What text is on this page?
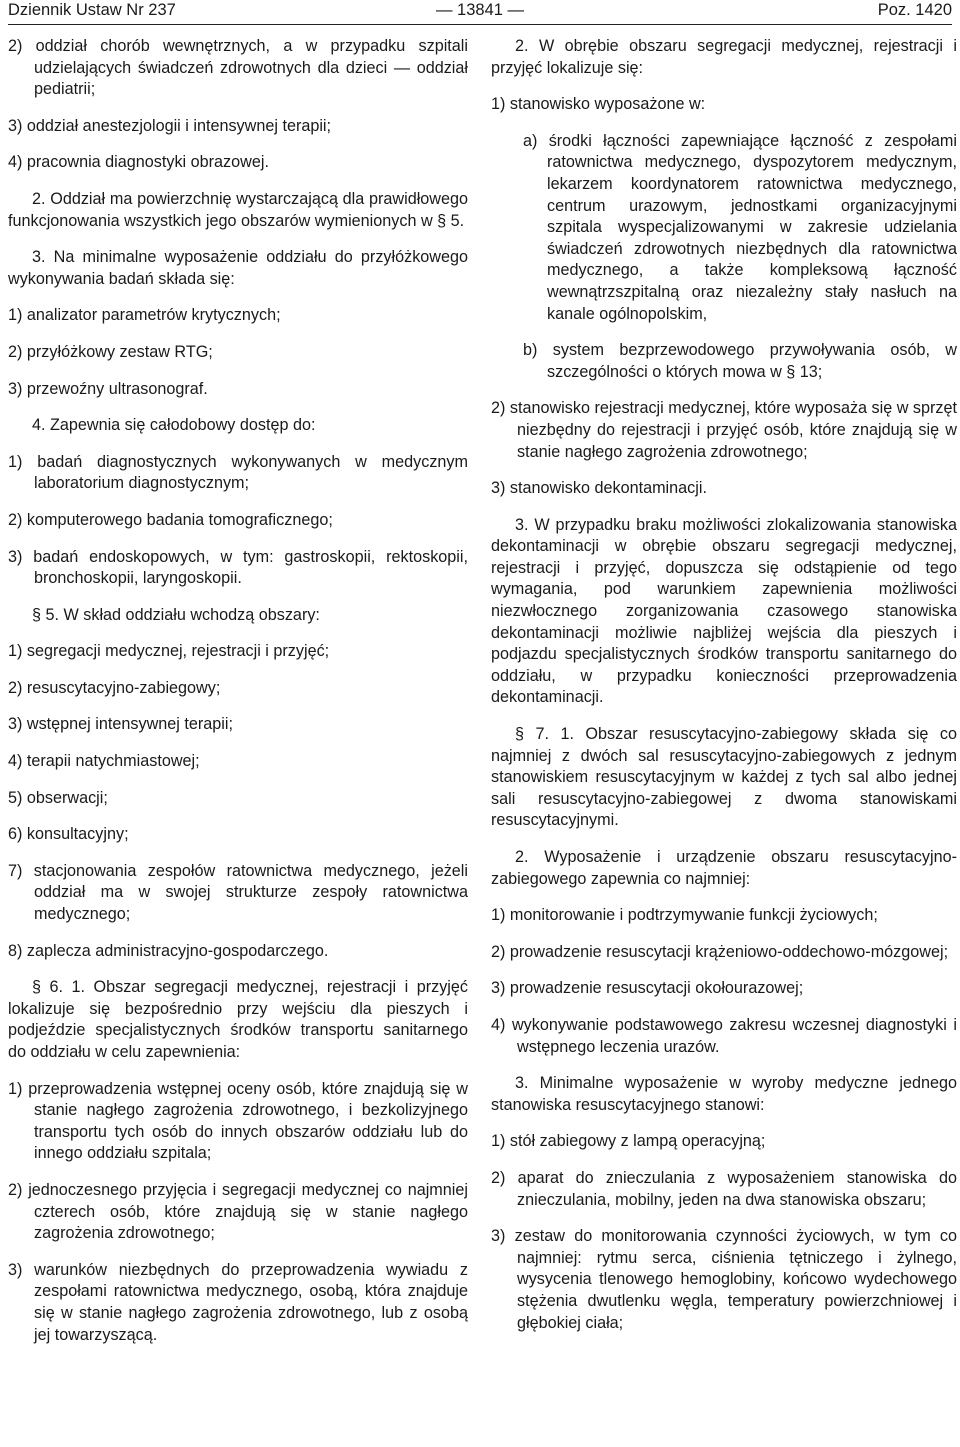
Dziennik Ustaw Nr 237	— 13841 —	Poz. 1420

2) oddział chorób wewnętrznych, a w przypadku szpitali udzielających świadczeń zdrowotnych dla dzieci — oddział pediatrii;

3) oddział anestezjologii i intensywnej terapii;

4) pracownia diagnostyki obrazowej.

2. Oddział ma powierzchnię wystarczającą dla prawidłowego funkcjonowania wszystkich jego obszarów wymienionych w § 5.

3. Na minimalne wyposażenie oddziału do przyłóżkowego wykonywania badań składa się:

1) analizator parametrów krytycznych;

2) przyłóżkowy zestaw RTG;

3) przewoźny ultrasonograf.

4. Zapewnia się całodobowy dostęp do:

1) badań diagnostycznych wykonywanych w medycznym laboratorium diagnostycznym;

2) komputerowego badania tomograficznego;

3) badań endoskopowych, w tym: gastroskopii, rektoskopii, bronchoskopii, laryngoskopii.

§ 5. W skład oddziału wchodzą obszary:

1) segregacji medycznej, rejestracji i przyjęć;

2) resuscytacyjno-zabiegowy;

3) wstępnej intensywnej terapii;

4) terapii natychmiastowej;

5) obserwacji;

6) konsultacyjny;

7) stacjonowania zespołów ratownictwa medycznego, jeżeli oddział ma w swojej strukturze zespoły ratownictwa medycznego;

8) zaplecza administracyjno-gospodarczego.

§ 6. 1. Obszar segregacji medycznej, rejestracji i przyjęć lokalizuje się bezpośrednio przy wejściu dla pieszych i podjeździe specjalistycznych środków transportu sanitarnego do oddziału w celu zapewnienia:

1) przeprowadzenia wstępnej oceny osób, które znajdują się w stanie nagłego zagrożenia zdrowotnego, i bezkolizyjnego transportu tych osób do innych obszarów oddziału lub do innego oddziału szpitala;

2) jednoczesnego przyjęcia i segregacji medycznej co najmniej czterech osób, które znajdują się w stanie nagłego zagrożenia zdrowotnego;

3) warunków niezbędnych do przeprowadzenia wywiadu z zespołami ratownictwa medycznego, osobą, która znajduje się w stanie nagłego zagrożenia zdrowotnego, lub z osobą jej towarzyszącą.

2. W obrębie obszaru segregacji medycznej, rejestracji i przyjęć lokalizuje się:

1) stanowisko wyposażone w:

a) środki łączności zapewniające łączność z zespołami ratownictwa medycznego, dyspozytorem medycznym, lekarzem koordynatorem ratownictwa medycznego, centrum urazowym, jednostkami organizacyjnymi szpitala wyspecjalizowanymi w zakresie udzielania świadczeń zdrowotnych niezbędnych dla ratownictwa medycznego, a także kompleksową łączność wewnątrzszpitalną oraz niezależny stały nasłuch na kanale ogólnopolskim,

b) system bezprzewodowego przywoływania osób, w szczególności o których mowa w § 13;

2) stanowisko rejestracji medycznej, które wyposaża się w sprzęt niezbędny do rejestracji i przyjęć osób, które znajdują się w stanie nagłego zagrożenia zdrowotnego;

3) stanowisko dekontaminacji.

3. W przypadku braku możliwości zlokalizowania stanowiska dekontaminacji w obrębie obszaru segregacji medycznej, rejestracji i przyjęć, dopuszcza się odstąpienie od tego wymagania, pod warunkiem zapewnienia możliwości niezwłocznego zorganizowania czasowego stanowiska dekontaminacji możliwie najbliżej wejścia dla pieszych i podjazdu specjalistycznych środków transportu sanitarnego do oddziału, w przypadku konieczności przeprowadzenia dekontaminacji.

§ 7. 1. Obszar resuscytacyjno-zabiegowy składa się co najmniej z dwóch sal resuscytacyjno-zabiegowych z jednym stanowiskiem resuscytacyjnym w każdej z tych sal albo jednej sali resuscytacyjno-zabiegowej z dwoma stanowiskami resuscytacyjnymi.

2. Wyposażenie i urządzenie obszaru resuscytacyjno-zabiegowego zapewnia co najmniej:

1) monitorowanie i podtrzymywanie funkcji życiowych;

2) prowadzenie resuscytacji krążeniowo-oddechowo-mózgowej;

3) prowadzenie resuscytacji okołourazowej;

4) wykonywanie podstawowego zakresu wczesnej diagnostyki i wstępnego leczenia urazów.

3. Minimalne wyposażenie w wyroby medyczne jednego stanowiska resuscytacyjnego stanowi:

1) stół zabiegowy z lampą operacyjną;

2) aparat do znieczulania z wyposażeniem stanowiska do znieczulania, mobilny, jeden na dwa stanowiska obszaru;

3) zestaw do monitorowania czynności życiowych, w tym co najmniej: rytmu serca, ciśnienia tętniczego i żylnego, wysycenia tlenowego hemoglobiny, końcowo wydechowego stężenia dwutlenku węgla, temperatury powierzchniowej i głębokiej ciała;
